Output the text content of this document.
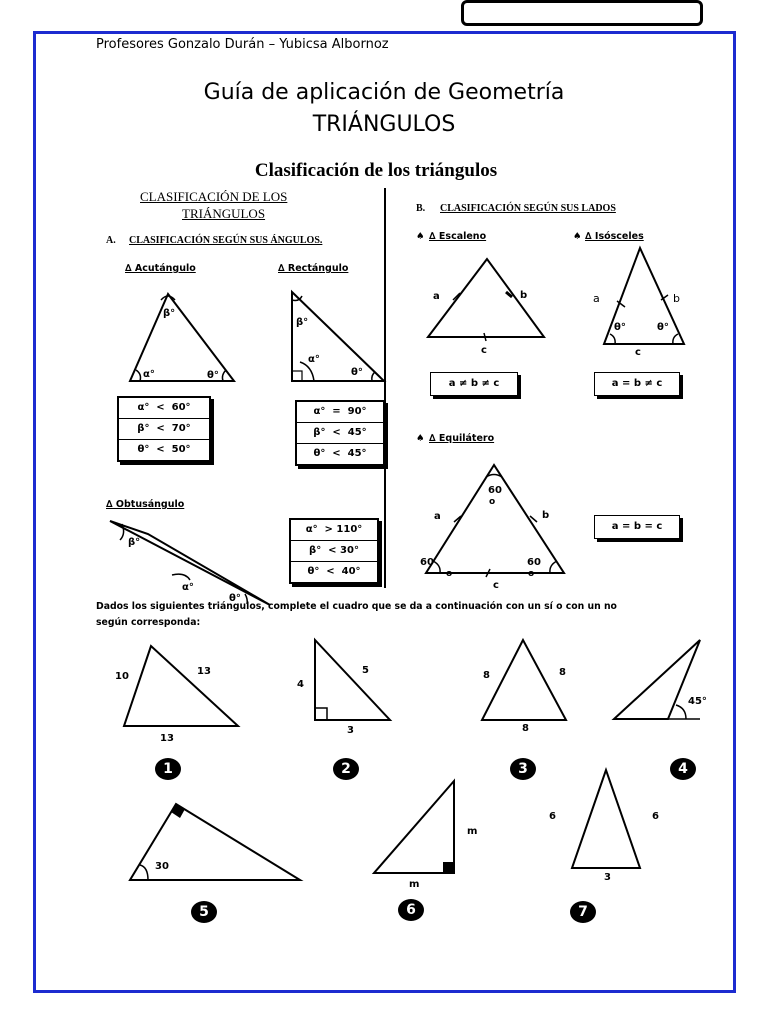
Profesores Gonzalo Durán – Yubicsa Albornoz
Guía de aplicación de Geometría
TRIÁNGULOS
Clasificación de los triángulos
CLASIFICACIÓN DE LOS
TRIÁNGULOS
A. CLASIFICACIÓN SEGÚN SUS ÁNGULOS.
∆ Acutángulo	∆ Rectángulo
β°
α°	θ°
β°
α°
θ°
α°  <  60°
β°  <  70°
θ°  <  50°
α°  =  90°
β°  <  45°
θ°  <  45°
∆ Obtusángulo
β°
α°
θ°
α°  > 110°
β°  < 30°
θ°  <  40°
B. CLASIFICACIÓN SEGÚN SUS LADOS
♠ ∆ Escaleno	♠ ∆ Isósceles
a	b
c
a	b
θ°	θ°
c
a ≠ b ≠ c	a = b ≠ c
♠ ∆ Equilátero
60
o
a	b
60
o
60
o
c
a = b = c
Dados los siguientes triángulos, complete el cuadro que se da a continuación con un sí o con un no
según corresponda:
10	13
13
4
5
3
8	8
8
45°
30
m
m
6	6
3
1	2	3	4
5	6	7
